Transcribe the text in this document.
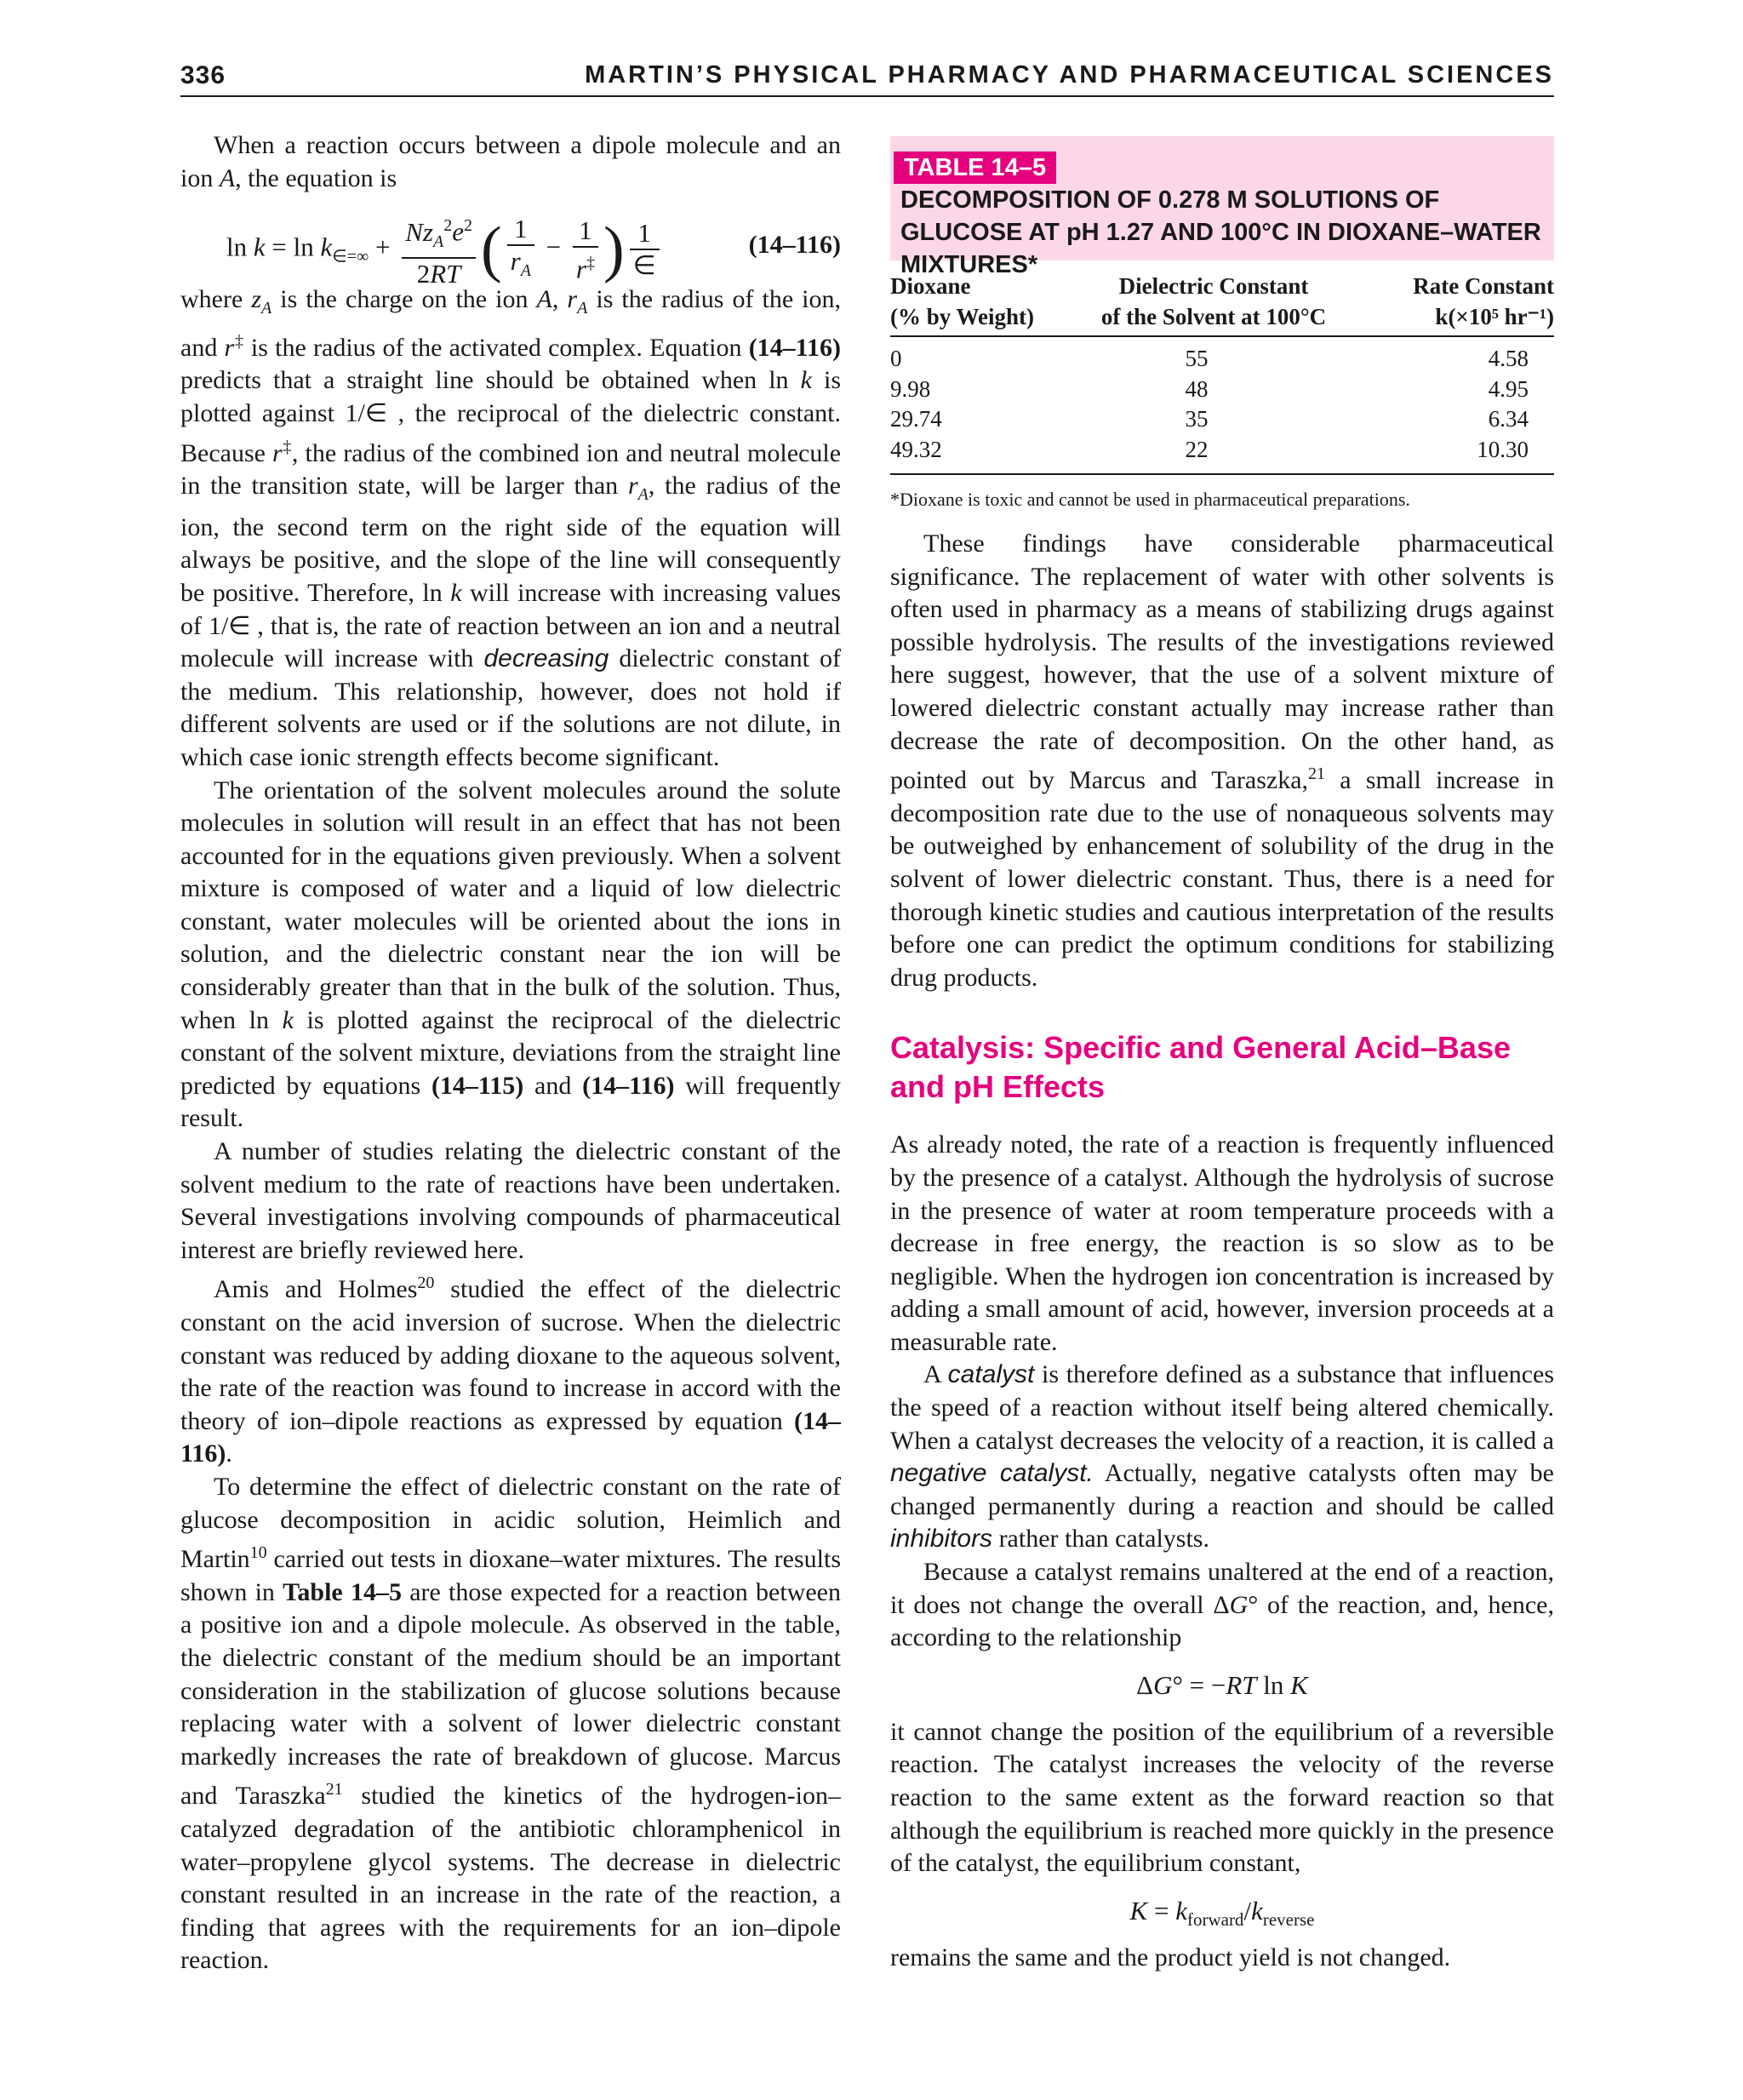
336	MARTIN’S PHYSICAL PHARMACY AND PHARMACEUTICAL SCIENCES

When a reaction occurs between a dipole molecule and an ion A, the equation is

$\ln k = \ln k_{\in=\infty} + \frac{Nz_A^2e^2}{2RT}$ ( $\frac{1}{r_A} - \frac{1}{r^\ddagger}$ ) $\frac{1}{\in}$	(14–116)

where $z_A$ is the charge on the ion A, $r_A$ is the radius of the ion, and r‡ is the radius of the activated complex. Equation (14–116) predicts that a straight line should be obtained when ln k is plotted against 1/∈ , the reciprocal of the dielectric constant. Because r‡, the radius of the combined ion and neutral molecule in the transition state, will be larger than $r_A$, the radius of the ion, the second term on the right side of the equation will always be positive, and the slope of the line will consequently be positive. Therefore, ln k will increase with increasing values of 1/∈ , that is, the rate of reaction between an ion and a neutral molecule will increase with decreasing dielectric constant of the medium. This relationship, however, does not hold if different solvents are used or if the solutions are not dilute, in which case ionic strength effects become significant.

The orientation of the solvent molecules around the solute molecules in solution will result in an effect that has not been accounted for in the equations given previously. When a solvent mixture is composed of water and a liquid of low dielectric constant, water molecules will be oriented about the ions in solution, and the dielectric constant near the ion will be considerably greater than that in the bulk of the solution. Thus, when ln k is plotted against the reciprocal of the dielectric constant of the solvent mixture, deviations from the straight line predicted by equations (14–115) and (14–116) will frequently result.

A number of studies relating the dielectric constant of the solvent medium to the rate of reactions have been undertaken. Several investigations involving compounds of pharmaceutical interest are briefly reviewed here.

Amis and Holmes$^{20}$ studied the effect of the dielectric constant on the acid inversion of sucrose. When the dielectric constant was reduced by adding dioxane to the aqueous solvent, the rate of the reaction was found to increase in accord with the theory of ion–dipole reactions as expressed by equation (14–116).

To determine the effect of dielectric constant on the rate of glucose decomposition in acidic solution, Heimlich and Martin$^{10}$ carried out tests in dioxane–water mixtures. The results shown in Table 14–5 are those expected for a reaction between a positive ion and a dipole molecule. As observed in the table, the dielectric constant of the medium should be an important consideration in the stabilization of glucose solutions because replacing water with a solvent of lower dielectric constant markedly increases the rate of breakdown of glucose. Marcus and Taraszka$^{21}$ studied the kinetics of the hydrogen-ion–catalyzed degradation of the antibiotic chloramphenicol in water–propylene glycol systems. The decrease in dielectric constant resulted in an increase in the rate of the reaction, a finding that agrees with the requirements for an ion–dipole reaction.

TABLE 14–5
DECOMPOSITION OF 0.278 M SOLUTIONS OF GLUCOSE AT pH 1.27 AND 100°C IN DIOXANE–WATER MIXTURES*
Dioxane	Dielectric Constant	Rate Constant
(% by Weight)	of the Solvent at 100°C	k(×10⁵ hr⁻¹)
0	55	4.58
9.98	48	4.95
29.74	35	6.34
49.32	22	10.30
*Dioxane is toxic and cannot be used in pharmaceutical preparations.

These findings have considerable pharmaceutical significance. The replacement of water with other solvents is often used in pharmacy as a means of stabilizing drugs against possible hydrolysis. The results of the investigations reviewed here suggest, however, that the use of a solvent mixture of lowered dielectric constant actually may increase rather than decrease the rate of decomposition. On the other hand, as pointed out by Marcus and Taraszka,$^{21}$ a small increase in decomposition rate due to the use of nonaqueous solvents may be outweighed by enhancement of solubility of the drug in the solvent of lower dielectric constant. Thus, there is a need for thorough kinetic studies and cautious interpretation of the results before one can predict the optimum conditions for stabilizing drug products.

Catalysis: Specific and General Acid–Base and pH Effects

As already noted, the rate of a reaction is frequently influenced by the presence of a catalyst. Although the hydrolysis of sucrose in the presence of water at room temperature proceeds with a decrease in free energy, the reaction is so slow as to be negligible. When the hydrogen ion concentration is increased by adding a small amount of acid, however, inversion proceeds at a measurable rate.

A catalyst is therefore defined as a substance that influences the speed of a reaction without itself being altered chemically. When a catalyst decreases the velocity of a reaction, it is called a negative catalyst. Actually, negative catalysts often may be changed permanently during a reaction and should be called inhibitors rather than catalysts.

Because a catalyst remains unaltered at the end of a reaction, it does not change the overall ΔG° of the reaction, and, hence, according to the relationship

ΔG° = −RT ln K

it cannot change the position of the equilibrium of a reversible reaction. The catalyst increases the velocity of the reverse reaction to the same extent as the forward reaction so that although the equilibrium is reached more quickly in the presence of the catalyst, the equilibrium constant,

$K = k_{forward}/k_{reverse}$

remains the same and the product yield is not changed.
